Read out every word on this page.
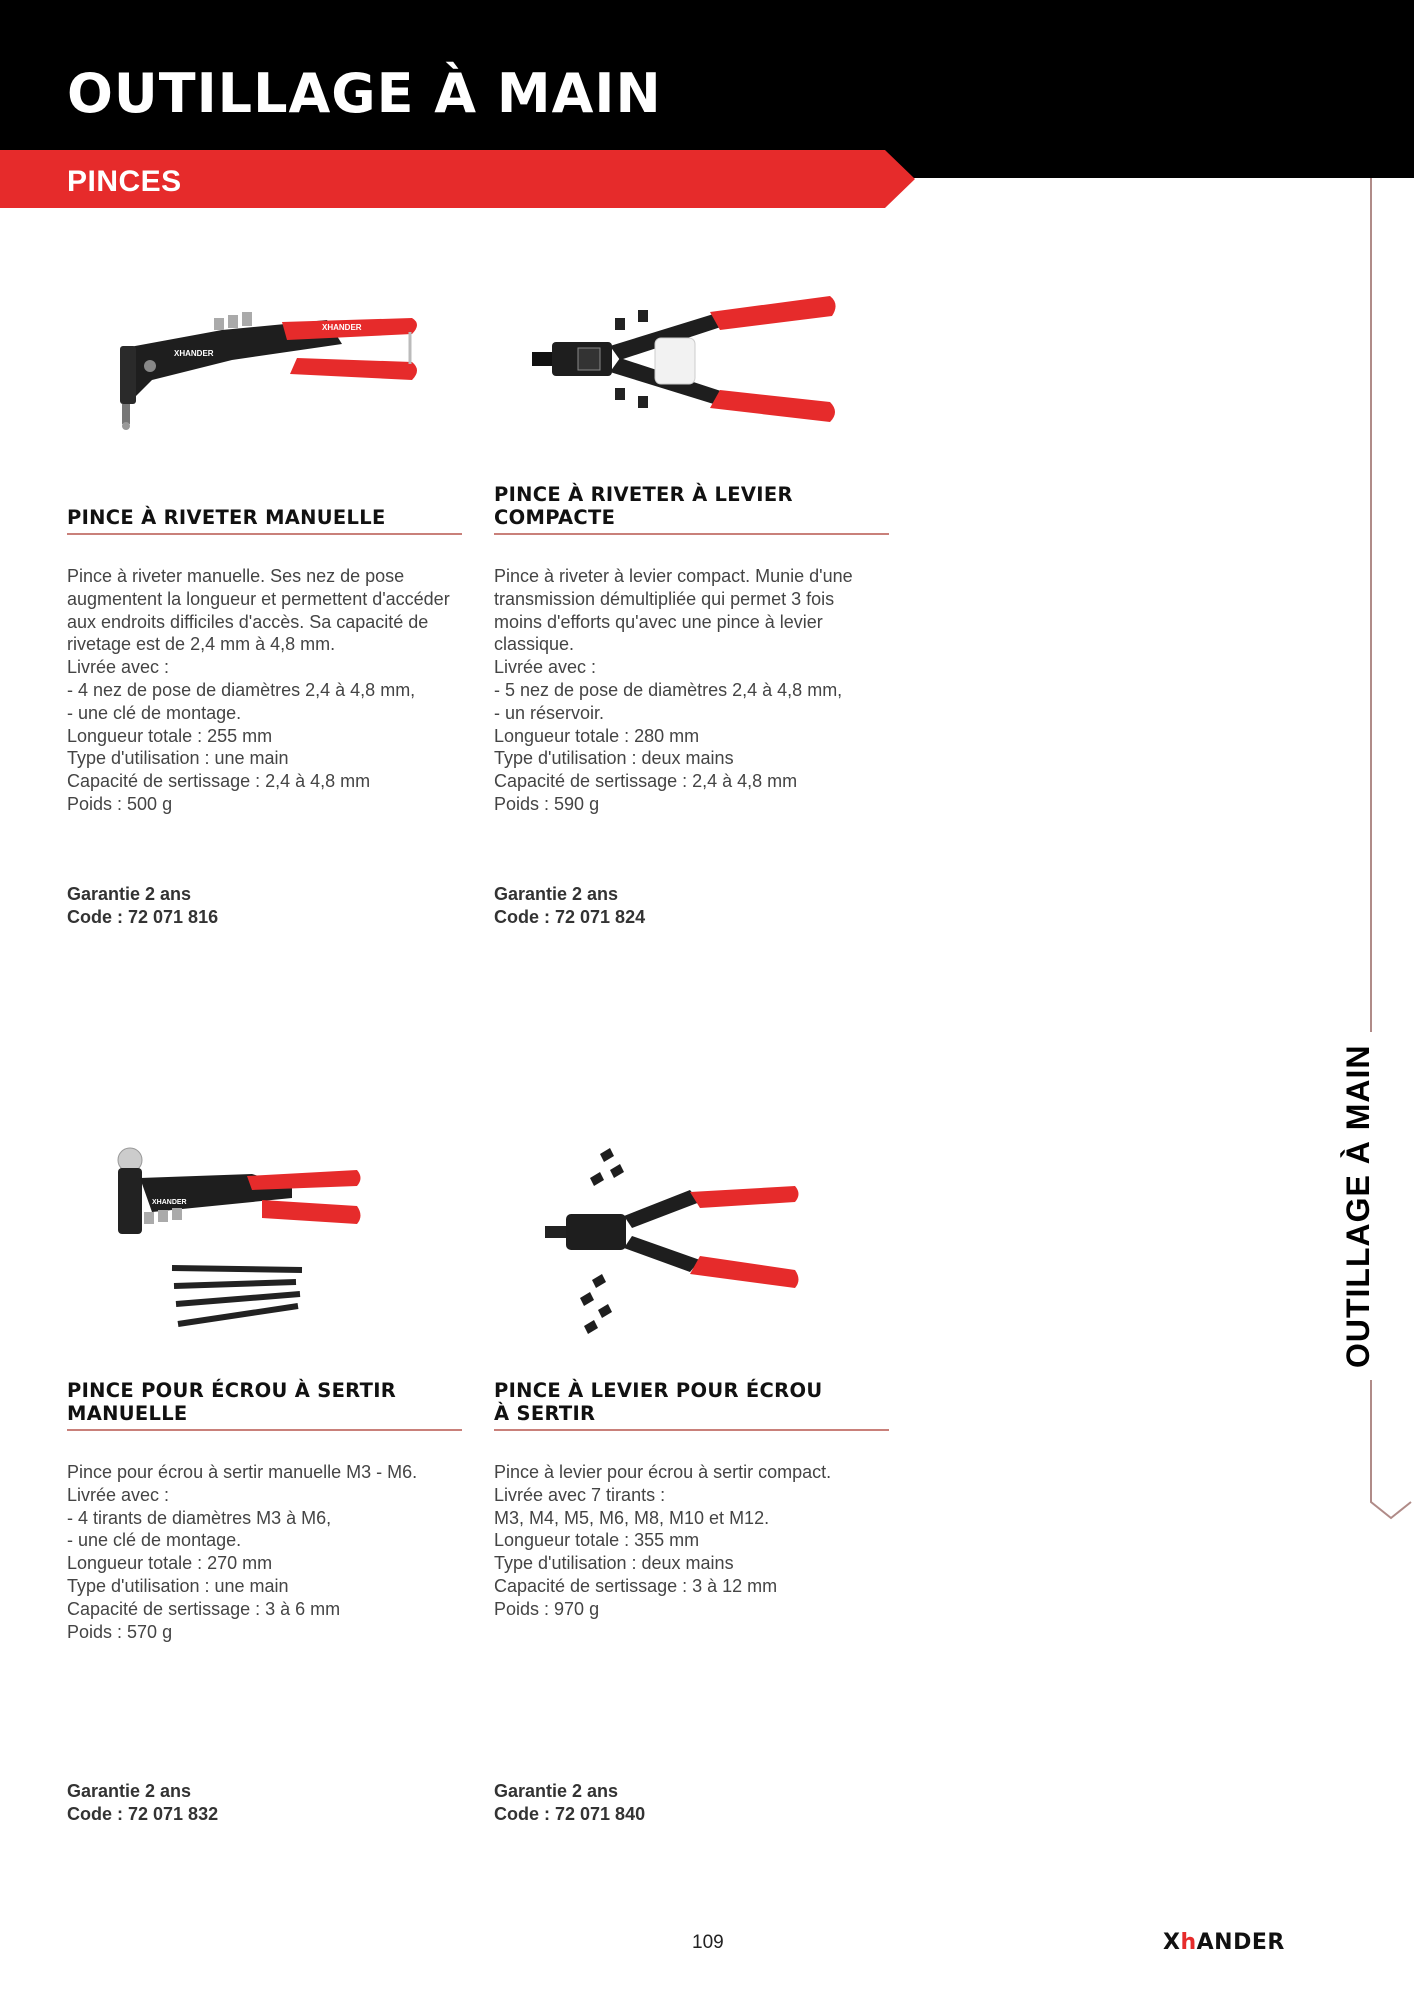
OUTILLAGE À MAIN
PINCES
OUTILLAGE À MAIN
XHANDER
XHANDER
XHANDER
PINCE À RIVETER MANUELLE
Pince à riveter manuelle. Ses nez de pose
augmentent la longueur et permettent d'accéder
aux endroits difficiles d'accès. Sa capacité de
rivetage est de 2,4 mm à 4,8 mm.
Livrée avec :
- 4 nez de pose de diamètres 2,4 à 4,8 mm,
- une clé de montage.
Longueur totale : 255 mm
Type d'utilisation : une main
Capacité de sertissage : 2,4 à 4,8 mm
Poids : 500 g
Garantie 2 ans
Code : 72 071 816
PINCE À RIVETER À LEVIER
COMPACTE
Pince à riveter à levier compact. Munie d'une
transmission démultipliée qui permet 3 fois
moins d'efforts qu'avec une pince à levier
classique.
Livrée avec :
- 5 nez de pose de diamètres 2,4 à 4,8 mm,
- un réservoir.
Longueur totale : 280 mm
Type d'utilisation : deux mains
Capacité de sertissage : 2,4 à 4,8 mm
Poids : 590 g
Garantie 2 ans
Code : 72 071 824
PINCE POUR ÉCROU À SERTIR
MANUELLE
Pince pour écrou à sertir manuelle M3 - M6.
Livrée avec :
- 4 tirants de diamètres M3 à M6,
- une clé de montage.
Longueur totale : 270 mm
Type d'utilisation : une main
Capacité de sertissage : 3 à 6 mm
Poids : 570 g
Garantie 2 ans
Code : 72 071 832
PINCE À LEVIER POUR ÉCROU
À SERTIR
Pince à levier pour écrou à sertir compact.
Livrée avec 7 tirants :
M3, M4, M5, M6, M8, M10 et M12.
Longueur totale : 355 mm
Type d'utilisation : deux mains
Capacité de sertissage : 3 à 12 mm
Poids : 970 g
Garantie 2 ans
Code : 72 071 840
109	XhANDER
